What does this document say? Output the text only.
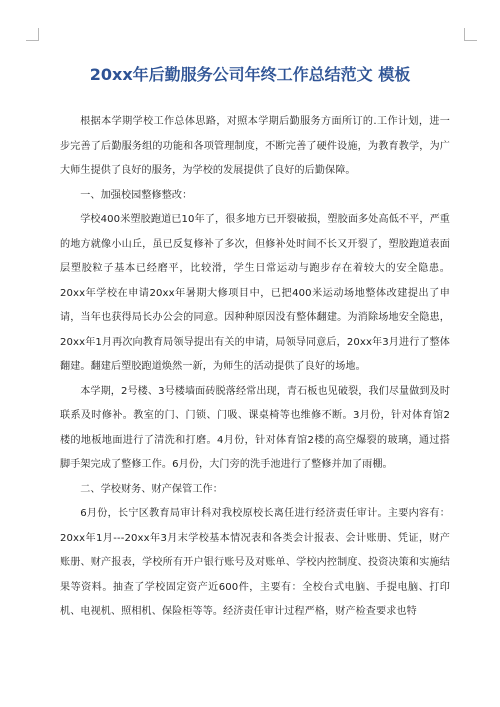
20xx年后勤服务公司年终工作总结范文 模板

根据本学期学校工作总体思路，对照本学期后勤服务方面所订的.工作计划，进一步完善了后勤服务组的功能和各项管理制度，不断完善了硬件设施，为教育教学，为广大师生提供了良好的服务，为学校的发展提供了良好的后勤保障。

一、加强校园整修整改：

学校400米塑胶跑道已10年了，很多地方已开裂破损，塑胶面多处高低不平，严重的地方就像小山丘，虽已反复修补了多次，但修补处时间不长又开裂了，塑胶跑道表面层塑胶粒子基本已经磨平，比较滑，学生日常运动与跑步存在着较大的安全隐患。20xx年学校在申请20xx年暑期大修项目中，已把400米运动场地整体改建提出了申请，当年也获得局长办公会的同意。因种种原因没有整体翻建。为消除场地安全隐患，20xx年1月再次向教育局领导提出有关的申请，局领导同意后，20xx年3月进行了整体翻建。翻建后塑胶跑道焕然一新，为师生的活动提供了良好的场地。

本学期，2号楼、3号楼墙面砖脱落经常出现，青石板也见破裂，我们尽量做到及时联系及时修补。教室的门、门锁、门吸、课桌椅等也维修不断。3月份，针对体育馆2楼的地板地面进行了清洗和打磨。4月份，针对体育馆2楼的高空爆裂的玻璃，通过搭脚手架完成了整修工作。6月份，大门旁的洗手池进行了整修并加了雨棚。

二、学校财务、财产保管工作：

6月份，长宁区教育局审计科对我校原校长离任进行经济责任审计。主要内容有：20xx年1月---20xx年3月末学校基本情况表和各类会计报表、会计账册、凭证，财产账册、财产报表，学校所有开户银行账号及对账单、学校内控制度、投资决策和实施结果等资料。抽查了学校固定资产近600件，主要有：全校台式电脑、手提电脑、打印机、电视机、照相机、保险柜等等。经济责任审计过程严格，财产检查要求也特
